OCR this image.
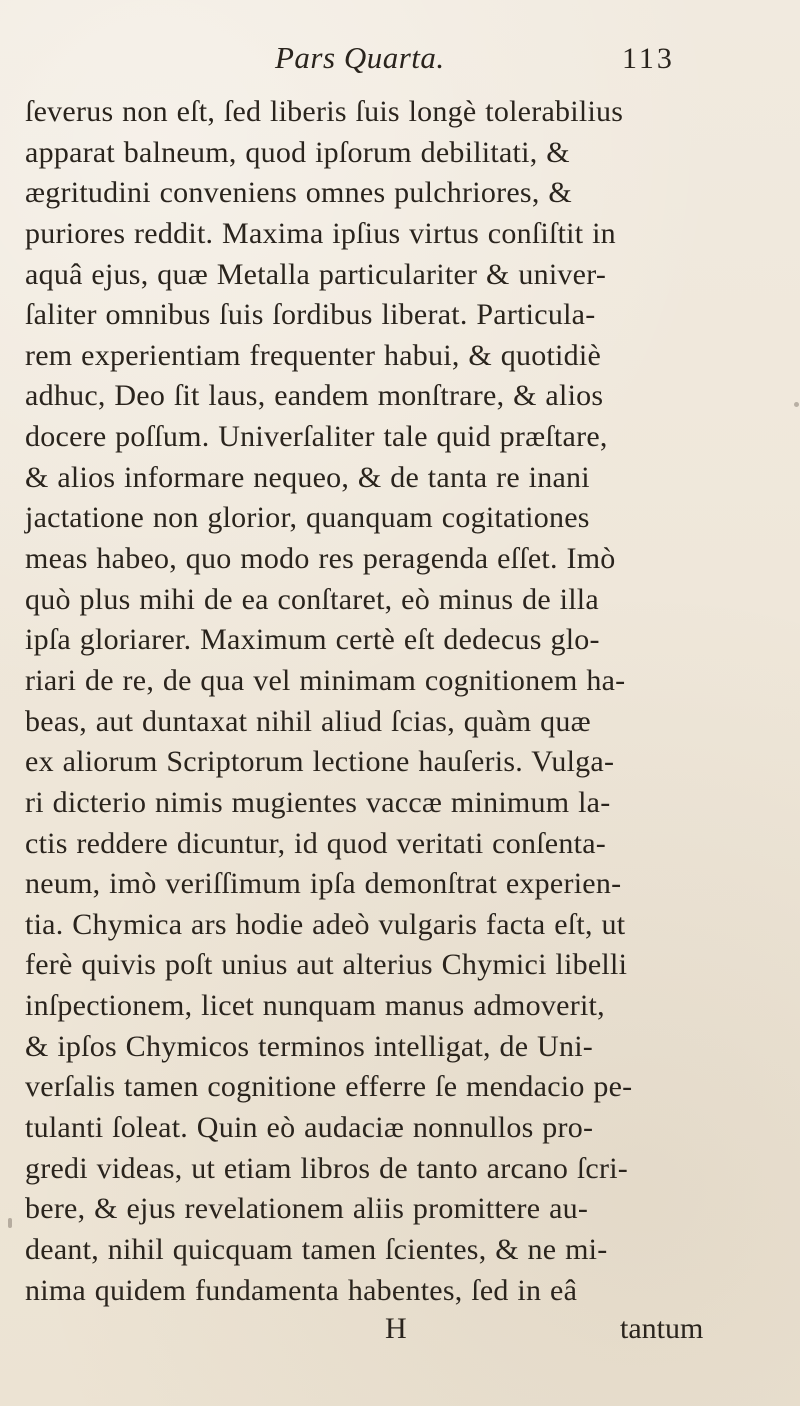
Pars Quarta.	113
ſeverus non eſt, ſed liberis ſuis longè tolerabilius
apparat balneum, quod ipſorum debilitati, &
ægritudini conveniens omnes pulchriores, &
puriores reddit. Maxima ipſius virtus conſiſtit in
aquâ ejus, quæ Metalla particulariter & univer-
ſaliter omnibus ſuis ſordibus liberat. Particula-
rem experientiam frequenter habui, & quotidiè
adhuc, Deo ſit laus, eandem monſtrare, & alios
docere poſſum. Univerſaliter tale quid præſtare,
& alios informare nequeo, & de tanta re inani
jactatione non glorior, quanquam cogitationes
meas habeo, quo modo res peragenda eſſet. Imò
quò plus mihi de ea conſtaret, eò minus de illa
ipſa gloriarer. Maximum certè eſt dedecus glo-
riari de re, de qua vel minimam cognitionem ha-
beas, aut duntaxat nihil aliud ſcias, quàm quæ
ex aliorum Scriptorum lectione hauſeris. Vulga-
ri dicterio nimis mugientes vaccæ minimum la-
ctis reddere dicuntur, id quod veritati conſenta-
neum, imò veriſſimum ipſa demonſtrat experien-
tia. Chymica ars hodie adeò vulgaris facta eſt, ut
ferè quivis poſt unius aut alterius Chymici libelli
inſpectionem, licet nunquam manus admoverit,
& ipſos Chymicos terminos intelligat, de Uni-
verſalis tamen cognitione efferre ſe mendacio pe-
tulanti ſoleat. Quin eò audaciæ nonnullos pro-
gredi videas, ut etiam libros de tanto arcano ſcri-
bere, & ejus revelationem aliis promittere au-
deant, nihil quicquam tamen ſcientes, & ne mi-
nima quidem fundamenta habentes, ſed in eâ
H	tantum
